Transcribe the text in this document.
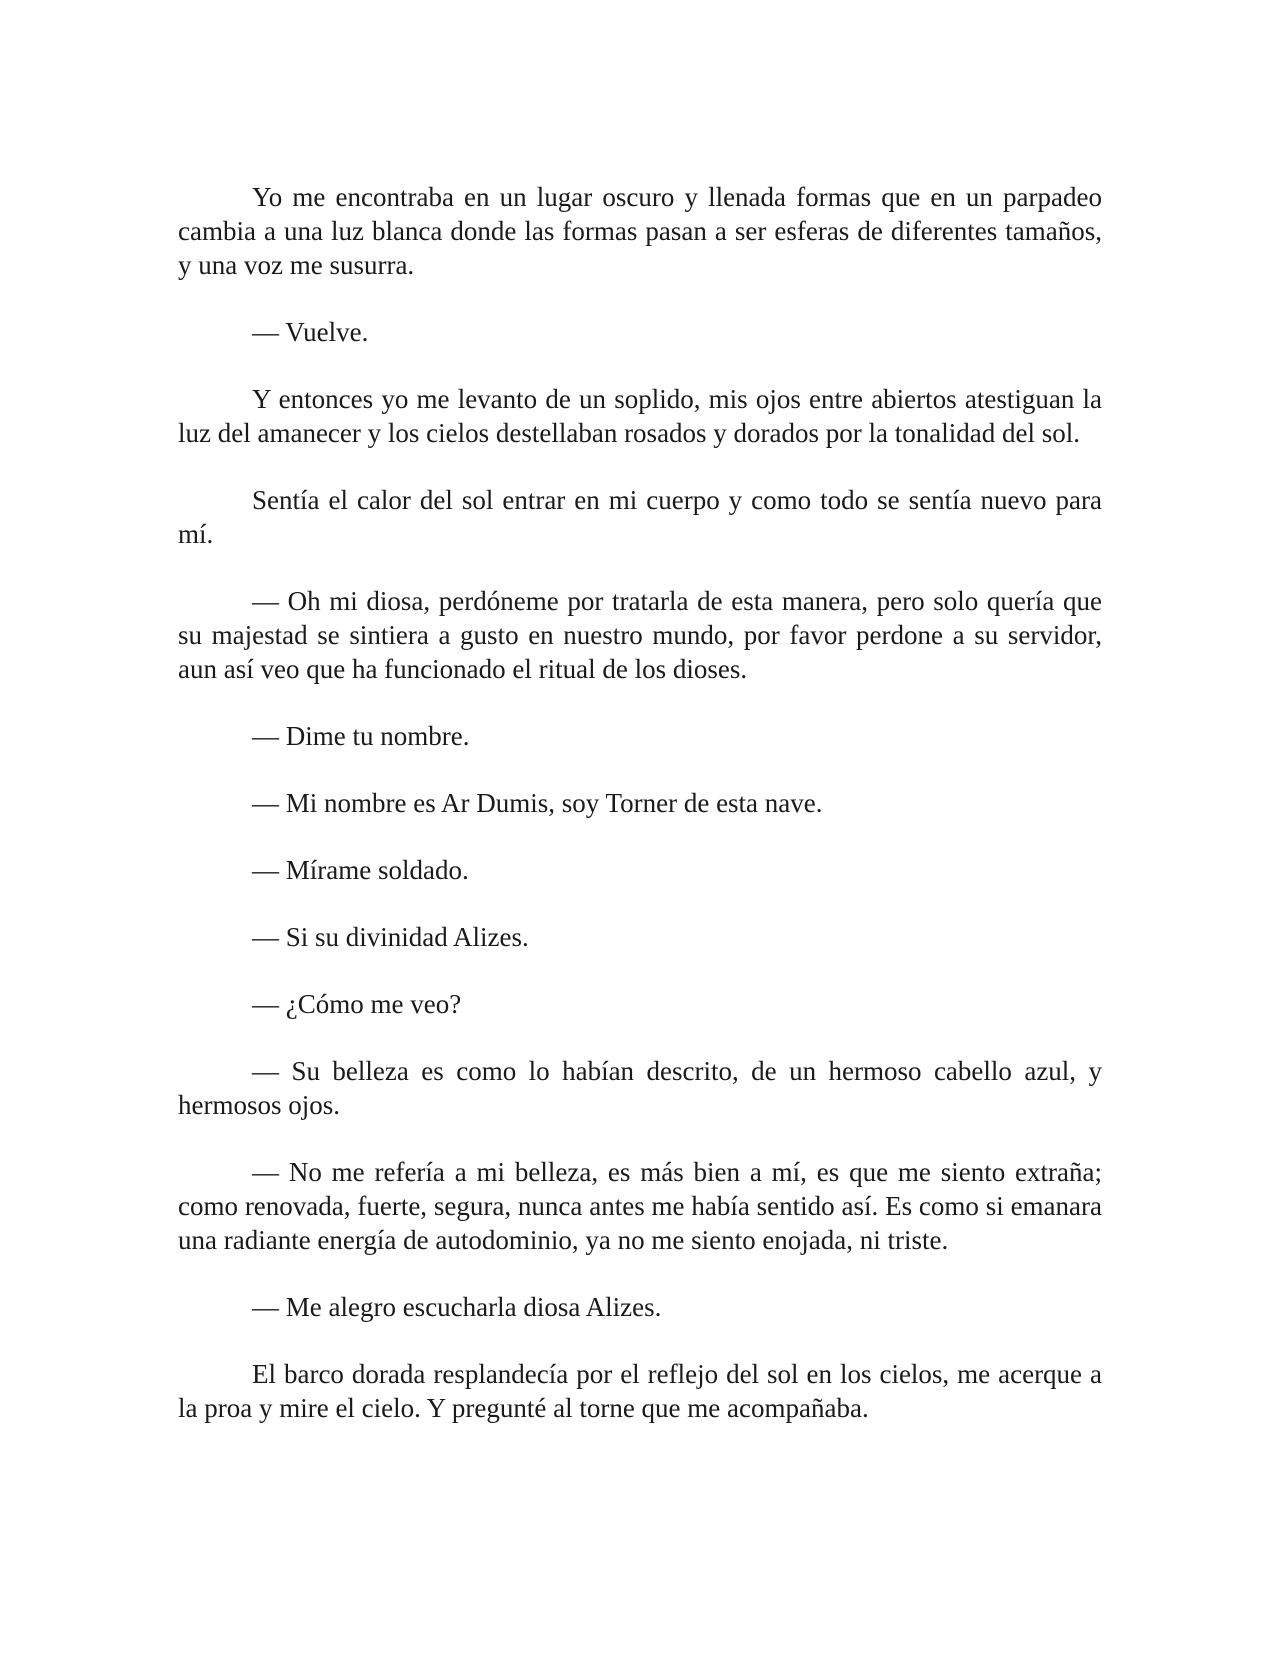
Yo me encontraba en un lugar oscuro y llenada formas que en un parpadeo cambia a una luz blanca donde las formas pasan a ser esferas de diferentes tamaños, y una voz me susurra.

— Vuelve.

Y entonces yo me levanto de un soplido, mis ojos entre abiertos atestiguan la luz del amanecer y los cielos destellaban rosados y dorados por la tonalidad del sol.

Sentía el calor del sol entrar en mi cuerpo y como todo se sentía nuevo para mí.

— Oh mi diosa, perdóneme por tratarla de esta manera, pero solo quería que su majestad se sintiera a gusto en nuestro mundo, por favor perdone a su servidor, aun así veo que ha funcionado el ritual de los dioses.

— Dime tu nombre.

— Mi nombre es Ar Dumis, soy Torner de esta nave.

— Mírame soldado.

— Si su divinidad Alizes.

— ¿Cómo me veo?

— Su belleza es como lo habían descrito, de un hermoso cabello azul, y hermosos ojos.

— No me refería a mi belleza, es más bien a mí, es que me siento extraña; como renovada, fuerte, segura, nunca antes me había sentido así. Es como si emanara una radiante energía de autodominio, ya no me siento enojada, ni triste.

— Me alegro escucharla diosa Alizes.

El barco dorada resplandecía por el reflejo del sol en los cielos, me acerque a la proa y mire el cielo. Y pregunté al torne que me acompañaba.
